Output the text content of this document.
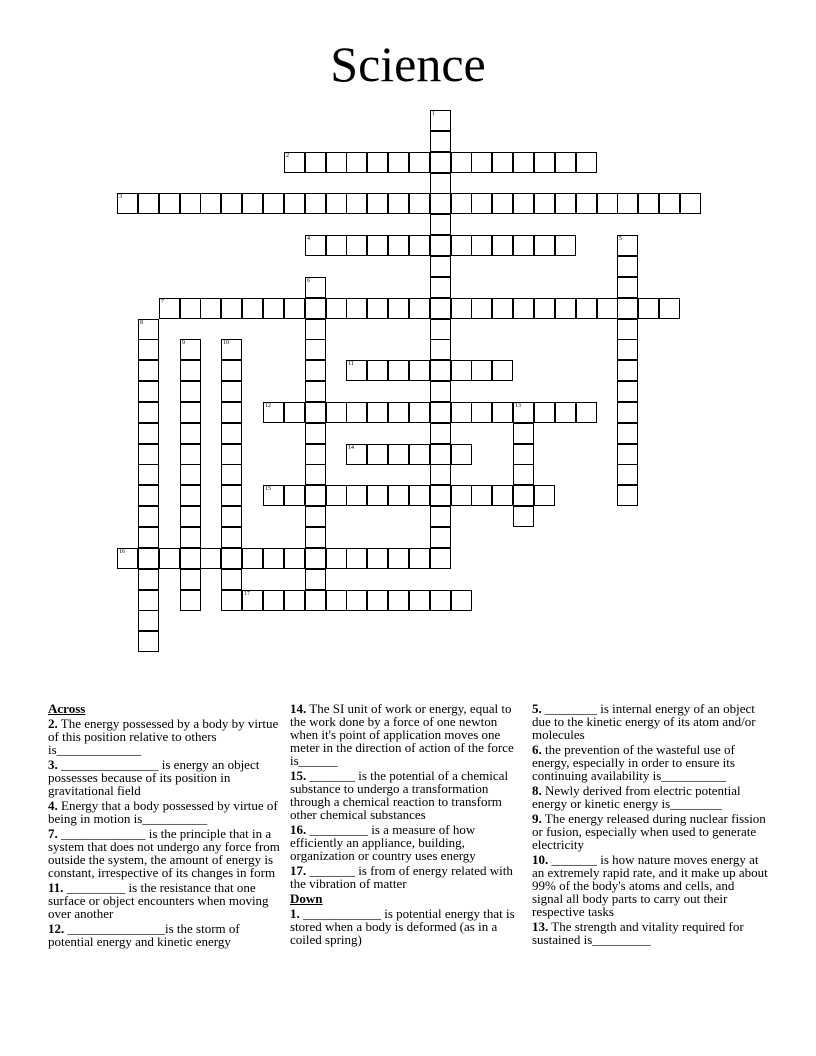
Science
1
2
3
4	5
6
7
8
9	10
11
12	13
14
15
16
17
Across
2. The energy possessed by a body by virtue of this position relative to others is_____________
3. _______________ is energy an object possesses because of its position in gravitational field
4. Energy that a body possessed by virtue of being in motion is__________
7. _____________ is the principle that in a system that does not undergo any force from outside the system, the amount of energy is constant, irrespective of its changes in form
11. _________ is the resistance that one surface or object encounters when moving over another
12. _______________is the storm of potential energy and kinetic energy
14. The SI unit of work or energy, equal to the work done by a force of one newton when it's point of application moves one meter in the direction of action of the force is______
15. _______ is the potential of a chemical substance to undergo a transformation through a chemical reaction to transform other chemical substances
16. _________ is a measure of how efficiently an appliance, building, organization or country uses energy
17. _______ is from of energy related with the vibration of matter
Down
1. ____________ is potential energy that is stored when a body is deformed (as in a coiled spring)
5. ________ is internal energy of an object due to the kinetic energy of its atom and/or molecules
6. the prevention of the wasteful use of energy, especially in order to ensure its continuing availability is__________
8. Newly derived from electric potential energy or kinetic energy is________
9. The energy released during nuclear fission or fusion, especially when used to generate electricity
10. _______ is how nature moves energy at an extremely rapid rate, and it make up about 99% of the body's atoms and cells, and signal all body parts to carry out their respective tasks
13. The strength and vitality required for sustained is_________
